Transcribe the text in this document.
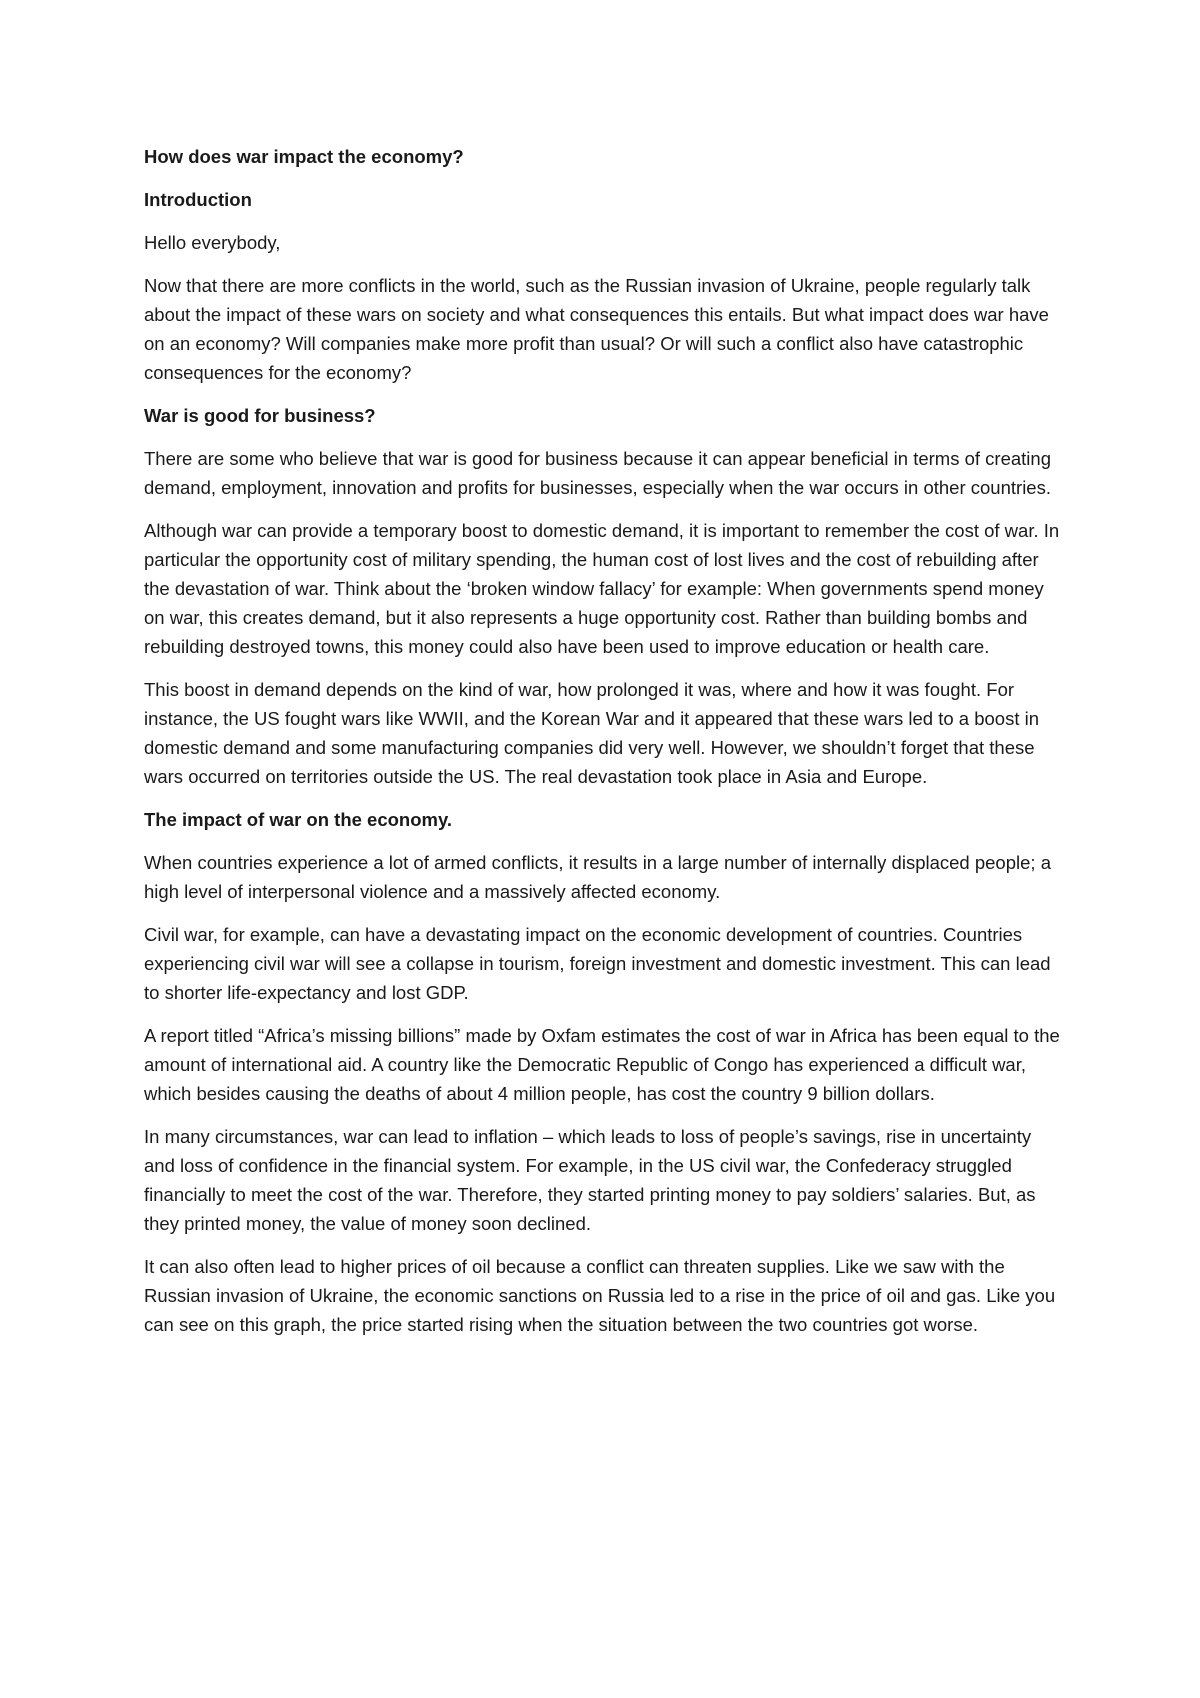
How does war impact the economy?

Introduction

Hello everybody,

Now that there are more conflicts in the world, such as the Russian invasion of Ukraine, people regularly talk about the impact of these wars on society and what consequences this entails. But what impact does war have on an economy? Will companies make more profit than usual? Or will such a conflict also have catastrophic consequences for the economy?

War is good for business?

There are some who believe that war is good for business because it can appear beneficial in terms of creating demand, employment, innovation and profits for businesses, especially when the war occurs in other countries.

Although war can provide a temporary boost to domestic demand, it is important to remember the cost of war. In particular the opportunity cost of military spending, the human cost of lost lives and the cost of rebuilding after the devastation of war. Think about the ‘broken window fallacy’ for example: When governments spend money on war, this creates demand, but it also represents a huge opportunity cost. Rather than building bombs and rebuilding destroyed towns, this money could also have been used to improve education or health care.

This boost in demand depends on the kind of war, how prolonged it was, where and how it was fought. For instance, the US fought wars like WWII, and the Korean War and it appeared that these wars led to a boost in domestic demand and some manufacturing companies did very well. However, we shouldn’t forget that these wars occurred on territories outside the US. The real devastation took place in Asia and Europe.

The impact of war on the economy.

When countries experience a lot of armed conflicts, it results in a large number of internally displaced people; a high level of interpersonal violence and a massively affected economy.

Civil war, for example, can have a devastating impact on the economic development of countries. Countries experiencing civil war will see a collapse in tourism, foreign investment and domestic investment. This can lead to shorter life-expectancy and lost GDP.

A report titled “Africa’s missing billions” made by Oxfam estimates the cost of war in Africa has been equal to the amount of international aid. A country like the Democratic Republic of Congo has experienced a difficult war, which besides causing the deaths of about 4 million people, has cost the country 9 billion dollars.

In many circumstances, war can lead to inflation – which leads to loss of people’s savings, rise in uncertainty and loss of confidence in the financial system. For example, in the US civil war, the Confederacy struggled financially to meet the cost of the war. Therefore, they started printing money to pay soldiers’ salaries. But, as they printed money, the value of money soon declined.

It can also often lead to higher prices of oil because a conflict can threaten supplies. Like we saw with the Russian invasion of Ukraine, the economic sanctions on Russia led to a rise in the price of oil and gas. Like you can see on this graph, the price started rising when the situation between the two countries got worse.
